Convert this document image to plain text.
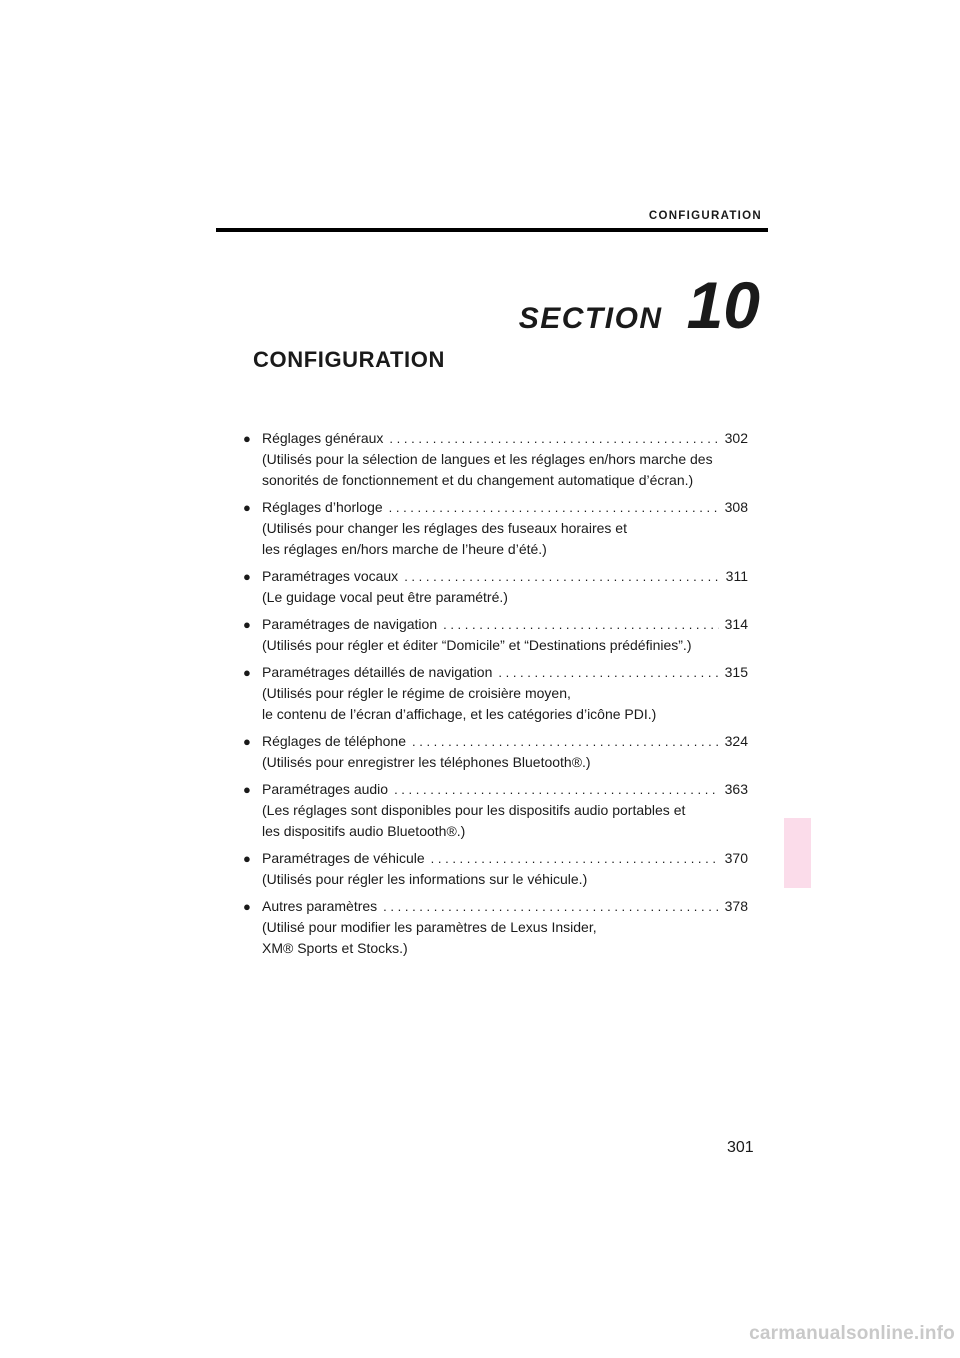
CONFIGURATION
SECTION 10
CONFIGURATION
● Réglages généraux . . .	302
(Utilisés pour la sélection de langues et les réglages en/hors marche des
sonorités de fonctionnement et du changement automatique d’écran.)
● Réglages d’horloge . . .	308
(Utilisés pour changer les réglages des fuseaux horaires et
les réglages en/hors marche de l’heure d’été.)
● Paramétrages vocaux . . .	311
(Le guidage vocal peut être paramétré.)
● Paramétrages de navigation . . .	314
(Utilisés pour régler et éditer “Domicile” et “Destinations prédéfinies”.)
● Paramétrages détaillés de navigation . . .	315
(Utilisés pour régler le régime de croisière moyen,
le contenu de l’écran d’affichage, et les catégories d’icône PDI.)
● Réglages de téléphone . . .	324
(Utilisés pour enregistrer les téléphones Bluetooth®.)
● Paramétrages audio . . .	363
(Les réglages sont disponibles pour les dispositifs audio portables et
les dispositifs audio Bluetooth®.)
● Paramétrages de véhicule . . .	370
(Utilisés pour régler les informations sur le véhicule.)
● Autres paramètres . . .	378
(Utilisé pour modifier les paramètres de Lexus Insider,
XM® Sports et Stocks.)
301
carmanualsonline.info
